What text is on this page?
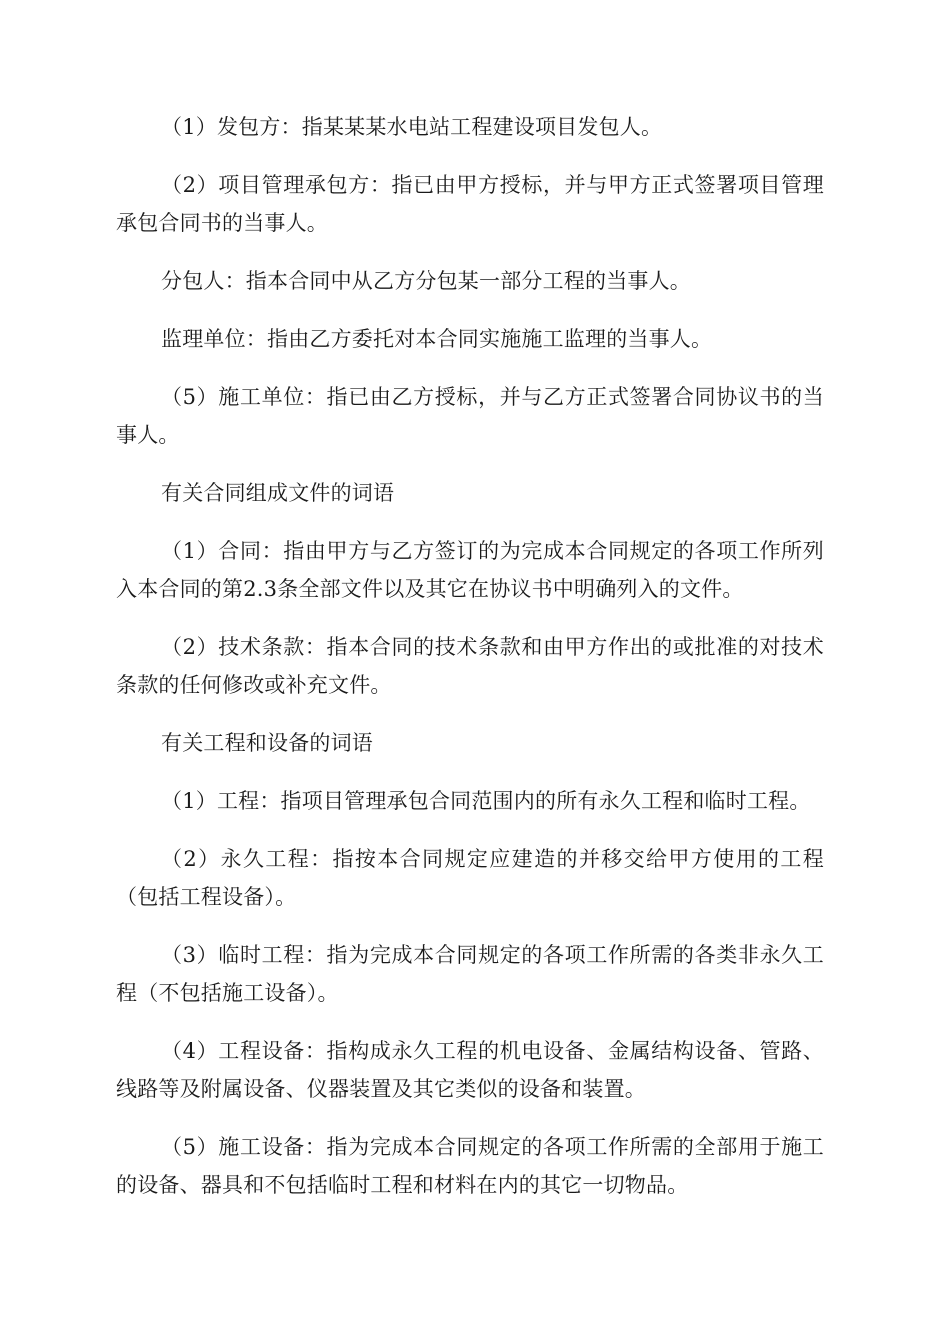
（1）发包方：指某某某水电站工程建设项目发包人。

（2）项目管理承包方：指已由甲方授标，并与甲方正式签署项目管理承包合同书的当事人。

分包人：指本合同中从乙方分包某一部分工程的当事人。

监理单位：指由乙方委托对本合同实施施工监理的当事人。

（5）施工单位：指已由乙方授标，并与乙方正式签署合同协议书的当事人。

有关合同组成文件的词语

（1）合同：指由甲方与乙方签订的为完成本合同规定的各项工作所列入本合同的第2.3条全部文件以及其它在协议书中明确列入的文件。

（2）技术条款：指本合同的技术条款和由甲方作出的或批准的对技术条款的任何修改或补充文件。

有关工程和设备的词语

（1）工程：指项目管理承包合同范围内的所有永久工程和临时工程。

（2）永久工程：指按本合同规定应建造的并移交给甲方使用的工程（包括工程设备）。

（3）临时工程：指为完成本合同规定的各项工作所需的各类非永久工程（不包括施工设备）。

（4）工程设备：指构成永久工程的机电设备、金属结构设备、管路、线路等及附属设备、仪器装置及其它类似的设备和装置。

（5）施工设备：指为完成本合同规定的各项工作所需的全部用于施工的设备、器具和不包括临时工程和材料在内的其它一切物品。
